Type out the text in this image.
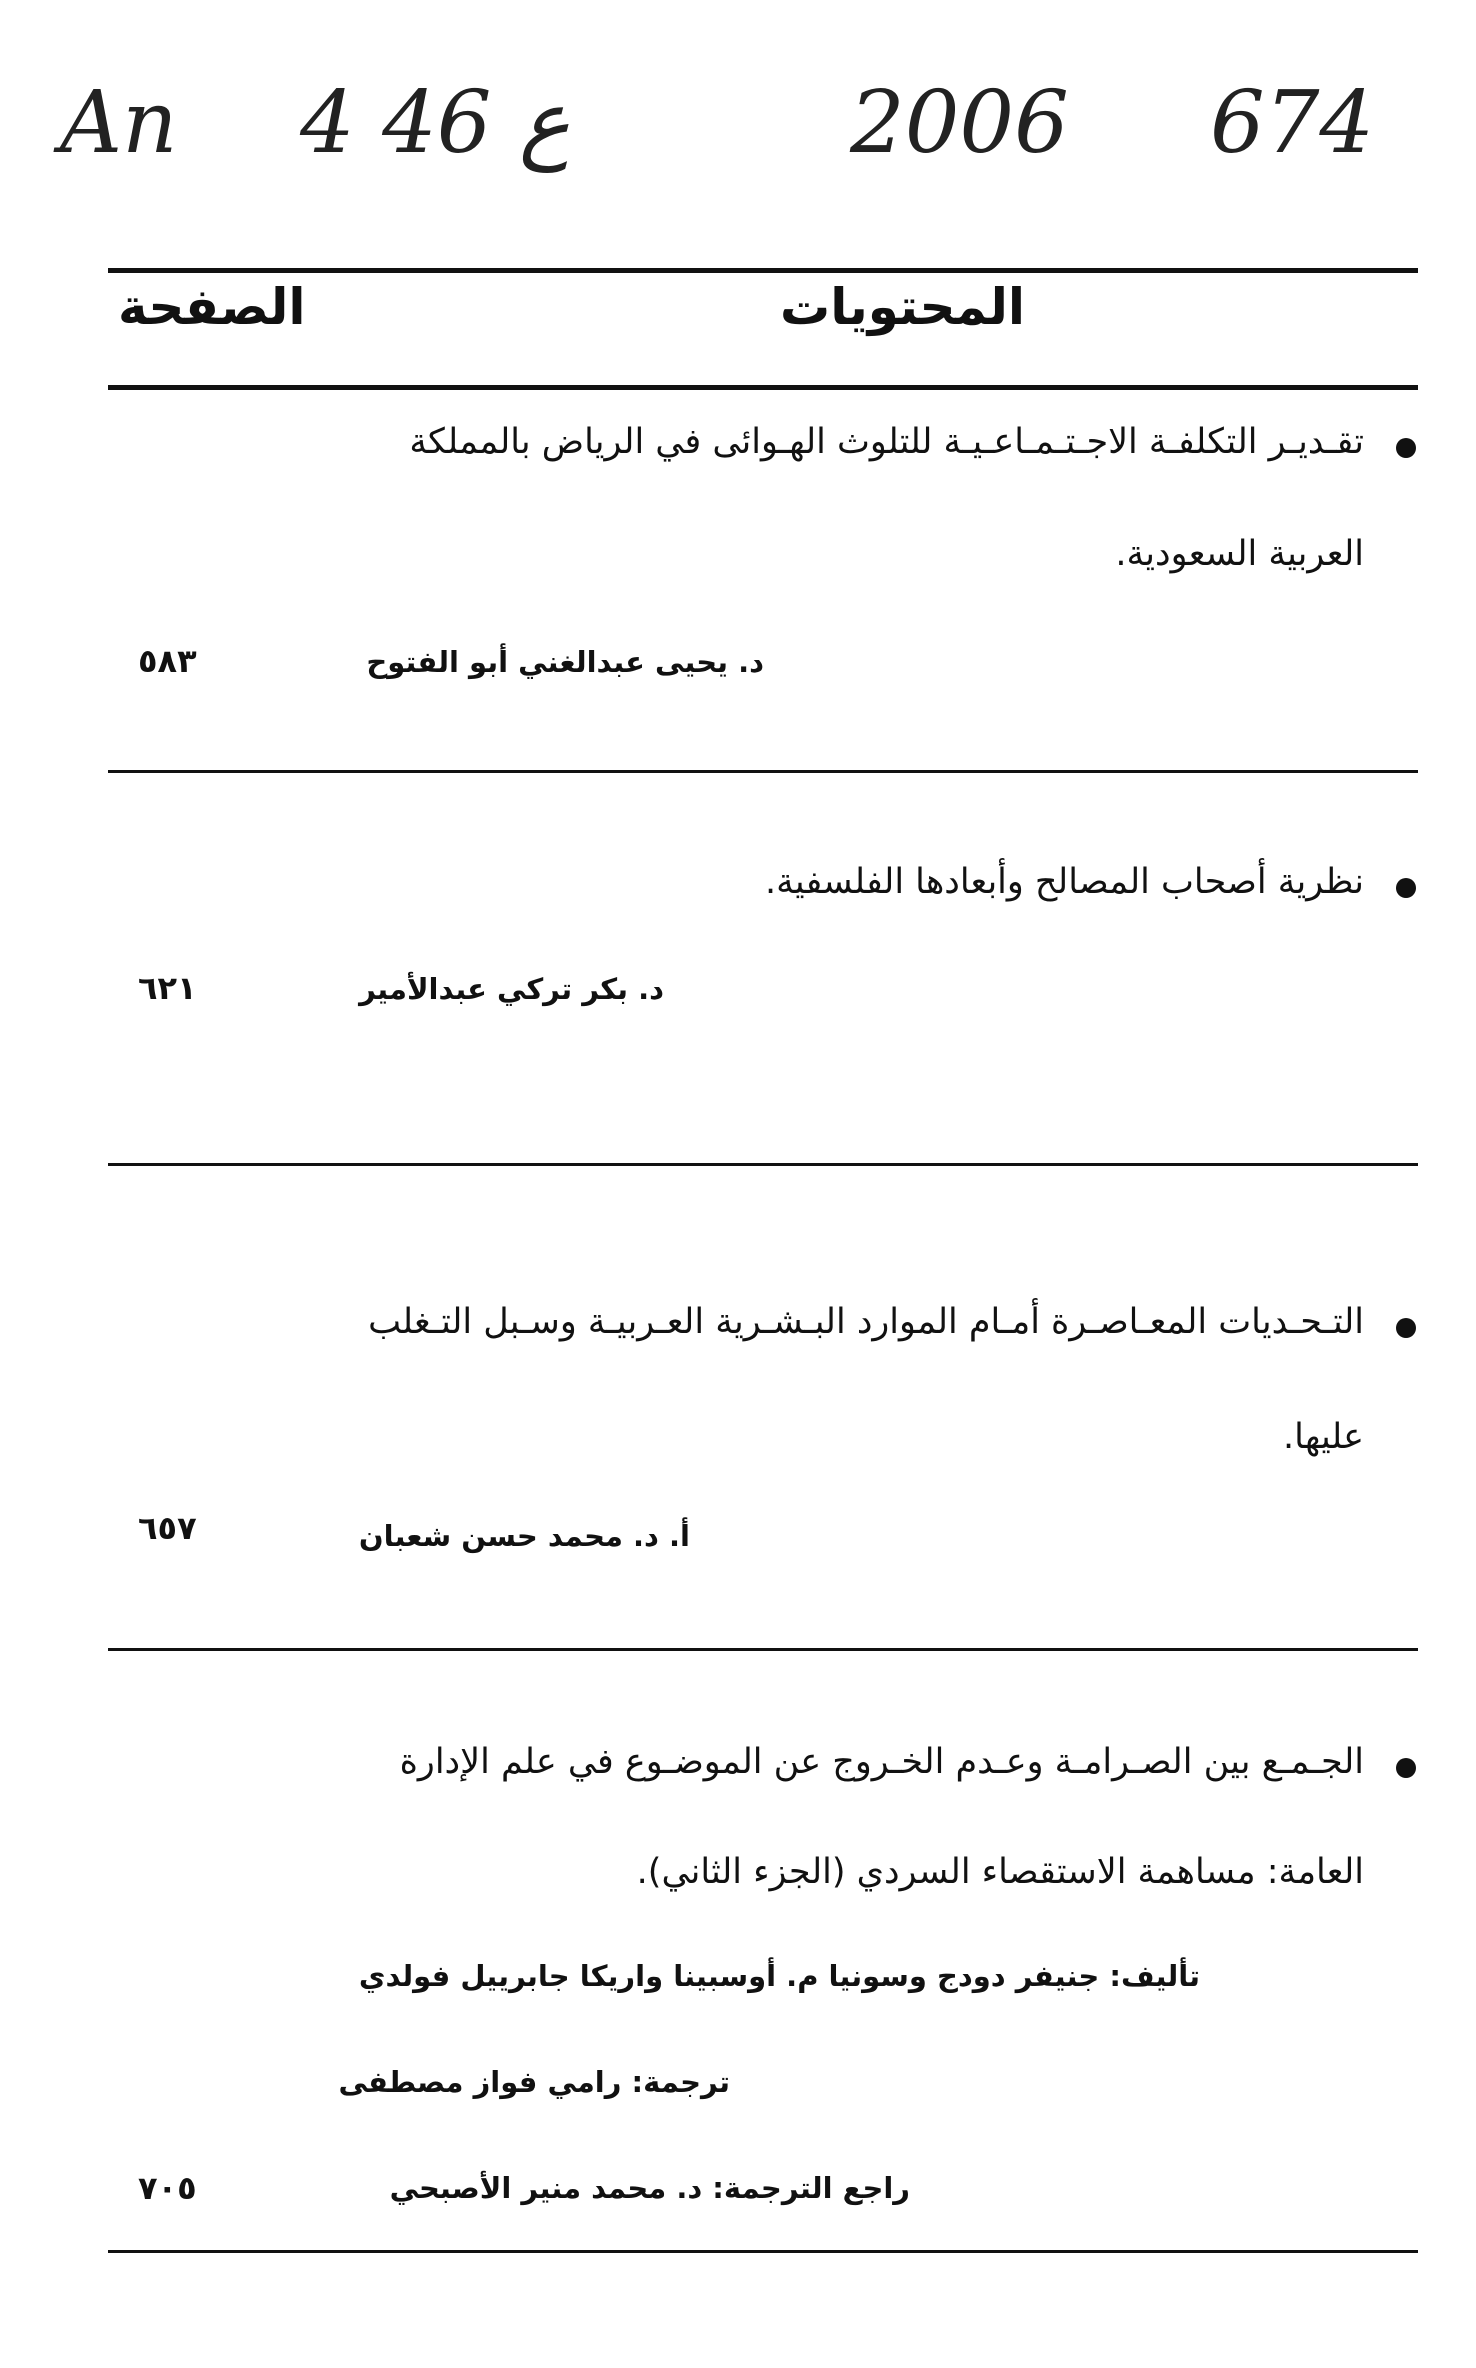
An 4 ع 46	2006 674
المحتويات
الصفحة
تقـديـر التكلفـة الاجـتـمـاعـيـة للتلوث الهـوائى في الرياض بالمملكة
العربية السعودية.
د. يحيى عبدالغني أبو الفتوح
٥٨٣
نظرية أصحاب المصالح وأبعادها الفلسفية.
د. بكر تركي عبدالأمير
٦٢١
التـحـديات المعـاصـرة أمـام الموارد البـشـرية العـربيـة وسـبل التـغلب
عليها.
أ. د. محمد حسن شعبان
٦٥٧
الجـمـع بين الصـرامـة وعـدم الخـروج عن الموضـوع في علم الإدارة
العامة: مساهمة الاستقصاء السردي (الجزء الثاني).
تأليف: جنيفر دودج وسونيا م. أوسبينا واريكا جابرييل فولدي
ترجمة: رامي فواز مصطفى
راجع الترجمة: د. محمد منير الأصبحي
٧٠٥
